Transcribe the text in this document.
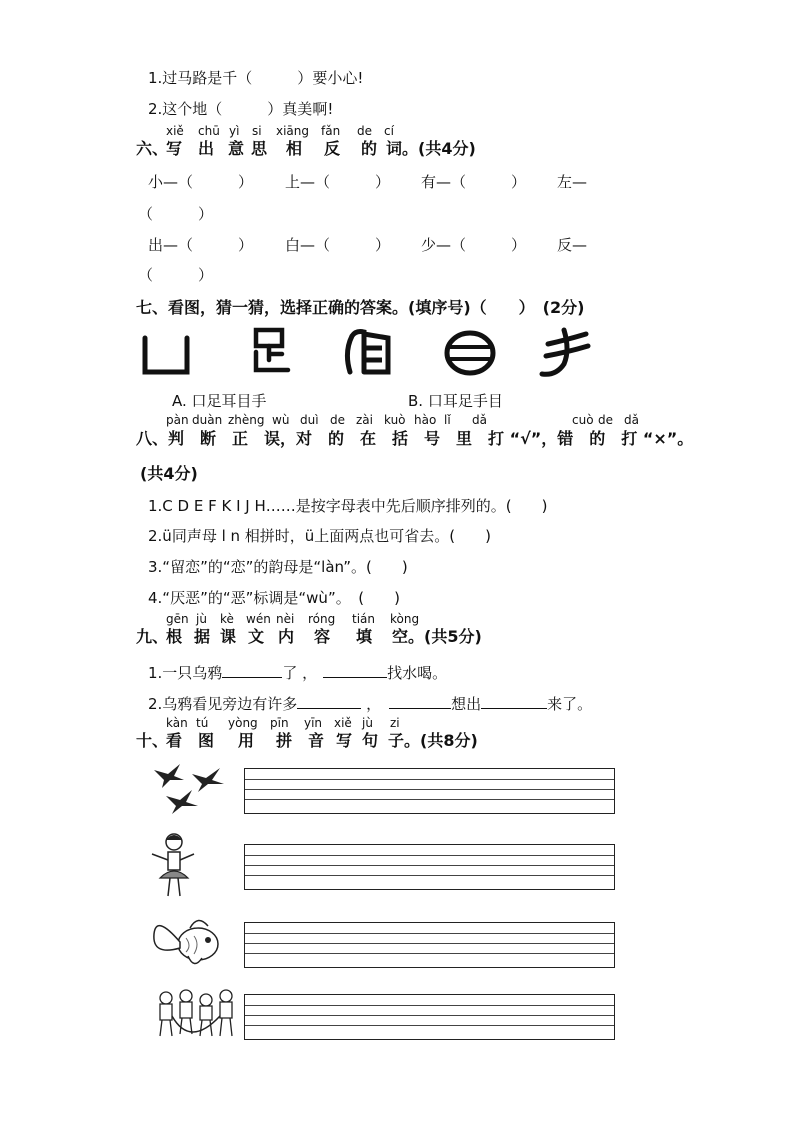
1.过马路是千（　　　）要小心!
2.这个地（　　　）真美啊!
xiě chū yì si xiāng fǎn de cí
六、
写 出 意 思 相 反 的 词 。(共4分)
小—（　　　） 上—（　　　） 有—（　　　） 左—
（　　　）
出—（　　　） 白—（　　　） 少—（　　　） 反—
（　　　）
七、看图，猜一猜，选择正确的答案。(填序号)（　　）　(2分)
A. 口足耳目手	B. 口耳足手目
pàn duàn zhèng wù duì de zài kuò hào lǐ dǎ	cuò de dǎ
八、判　断　正　误，对　的　在　括　号　里　打 “√”，错　的　打 “×”。
(共4分)
1.C D E F K I J H……是按字母表中先后顺序排列的。(　　)
2.ü同声母 l n 相拼时，ü上面两点也可省去。(　　)
3.“留恋”的“恋”的韵母是“làn”。(　　)
4.“厌恶”的“恶”标调是“wù”。　(　　)
gēn jù kè wén nèi róng tián kòng
九、
根 据 课 文 内 容 填 空 。(共5分)
1.一只乌鸦	了 ，	找水喝。
2.乌鸦看见旁边有许多	，	想出	来了。
kàn tú yòng pīn yīn xiě jù zi
十、
看 图 用 拼 音 写 句 子 。(共8分)
